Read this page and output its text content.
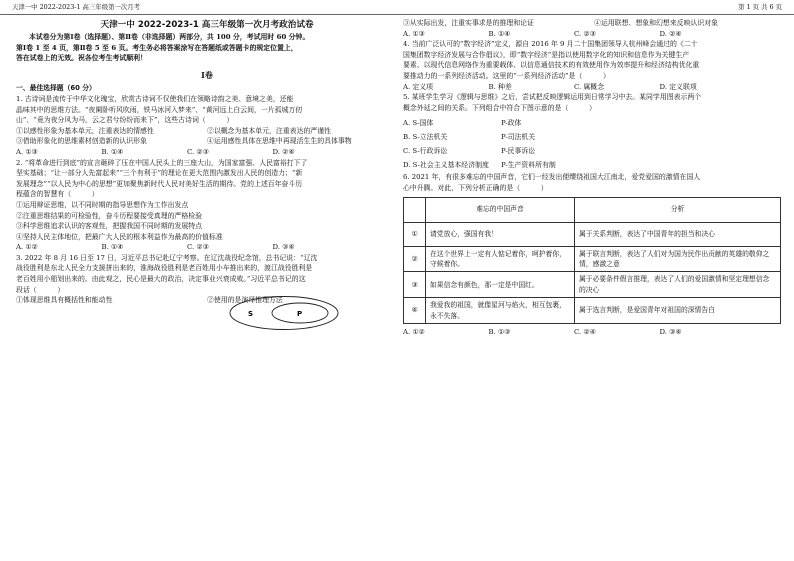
天津一中 2022-2023-1 高三年级第一次月考	第 1 页 共 6 页

天津一中 2022-2023-1 高三年级第一次月考政治试卷

本试卷分为第Ⅰ卷（选择题）、第Ⅱ卷（非选择题）两部分，共 100 分，考试用时 60 分钟。

第Ⅰ卷 1 至 4 页，第Ⅱ卷 5 至 6 页。考生务必将答案涂写在答题纸或答题卡的规定位置上，

答在试卷上的无效。祝各位考生考试顺利！

Ⅰ卷

一、最佳选择题（60 分）

1. 古诗词是流传于中华文化瑰宝，欣赏古诗词不仅使我们在领略诗韵之美、意境之美，还能

晶味其中的思维方法。“夜阑卧听风吹雨，铁马冰河入梦来”、“黄河远上白云间，一片孤城万仞

山”、“竟为夜分风为马，云之君兮纷纷而来下”，这些古诗词（　　　）

①以感性形象为基本单元，注重表达的情感性	②以概念为基本单元，注重表达的严谨性
③借助形象化的思维素材创造新的认识形象	④运用感性具体在思维中再现活生生的具体事物
A. ①③	B. ①④	C. ②③	D. ②④

2. “将革命进行到底”的宣言砸碎了压在中国人民头上的三座大山，为国家富强、人民富裕打下了

坚实基础；“让一部分人先富起来”“三个有利于”的理论在更大范围内激发出人民的创造力；“新

发展理念”“以人民为中心的思想”更加聚焦新时代人民对美好生活的期待。党的上述百年奋斗历

程蕴含的智慧有（　　　）

①运用辩证思维，以不同时期的指导思想作为工作出发点

②注重思维结果的可检验性，奋斗历程要接受真理的严格检验

③科学思维追求认识的客观性，把握我国不同时期的发展特点

④坚持人民主体地位，把最广大人民的根本利益作为最高的价值标准

A. ①②	B. ①④	C. ②③	D. ③④

3. 2022 年 8 月 16 日至 17 日，习近平总书记赴辽宁考察。在辽沈战役纪念馆，总书记说：“辽沈

战役胜利是东北人民全力支援拼出来的，淮海战役胜利是老百姓用小车推出来的，渡江战役胜利是

老百姓用小船划出来的。由此观之，民心是最大的政治，决定事业兴衰成败。”习近平总书记的这

段话（　　　）

①体现思维具有概括性和能动性	②使用的是演绎推理方法
③从实际出发，注重实事求是的推理和论证	④运用联想、想象和幻想来反映认识对象
A. ①③	B. ①④	C. ②③	D. ②④

4. 当前广泛认可的“数字经济”定义，源自 2016 年 9 月二十国集团领导人杭州峰会通过的《二十

国集团数字经济发展与合作倡议》，即“数字经济”是指以使用数字化的知识和信息作为关键生产

要素、以现代信息网络作为重要载体、以信息通信技术的有效使用作为效率提升和经济结构优化重

要推动力的一系列经济活动。这里的“一系列经济活动”是（　　　）

A. 定义项	B. 种差	C. 属概念	D. 定义联项

5. 某班学生学习《逻辑与思维》之后，尝试把反映逻辑运用到日常学习中去。某同学用图表示两个

概念外延之间的关系。下列组合中符合下图示意的是（　　　）

A. S-国体	P-政体
B. S-立法机关	P-司法机关
C. S-行政诉讼	P-民事诉讼
D. S-社会主义基本经济制度	P-生产资料所有制

6. 2021 年，有很多难忘的中国声音，它们一经发出便缨绕祖国大江南北，爱党爱国的激情在国人

心中升腾。对此，下列分析正确的是（　　　）

	难忘的中国声音	分析
①	请党放心，强国有我！	属于关系判断，表达了中国青年的担当和决心
②	在这个世界上一定有人惦记着你，呵护着你，守候着你。	属于联言判断，表达了人们对为国为民作出贡献的英雄的敬仰之情，感激之意
③	如果信念有颜色，那一定是中国红。	属于必要条件假言推理，表达了人们的爱国激情和坚定理想信念的决心
④	我爱我的祖国，就像星河与焰火，相互包裹，永不失落。	属于选言判断，是爱国青年对祖国的深情告白
A. ①②	B. ①③	C. ②④	D. ③④
S	P
